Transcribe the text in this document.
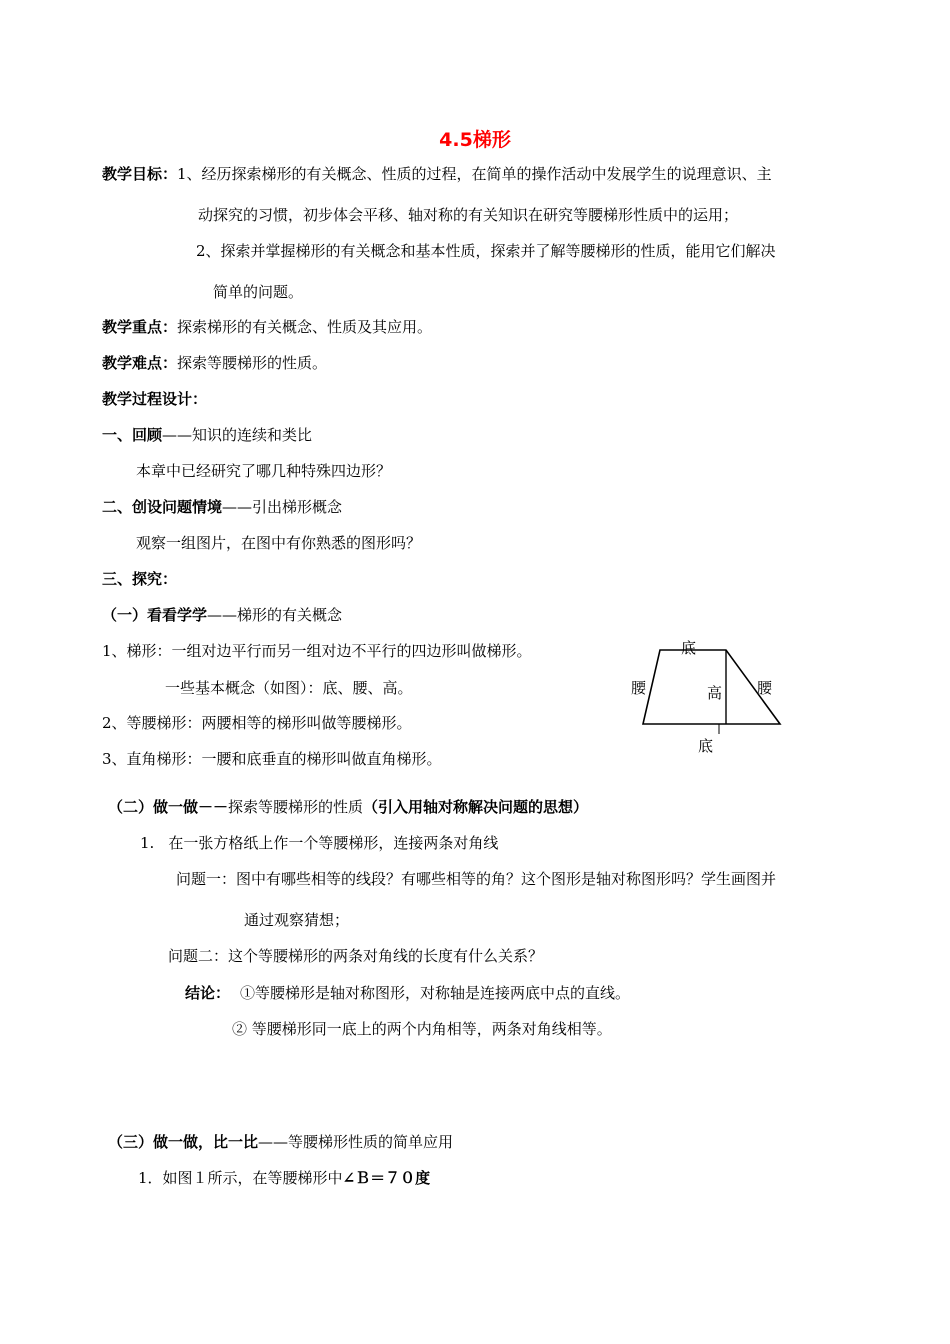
4.5梯形
教学目标：1、经历探索梯形的有关概念、性质的过程，在简单的操作活动中发展学生的说理意识、主
动探究的习惯，初步体会平移、轴对称的有关知识在研究等腰梯形性质中的运用；
2、探索并掌握梯形的有关概念和基本性质，探索并了解等腰梯形的性质，能用它们解决
简单的问题。
教学重点：探索梯形的有关概念、性质及其应用。
教学难点：探索等腰梯形的性质。
教学过程设计：
一、回顾——知识的连续和类比
本章中已经研究了哪几种特殊四边形？
二、创设问题情境——引出梯形概念
观察一组图片，在图中有你熟悉的图形吗？
三、探究：
（一）看看学学——梯形的有关概念
1、梯形：一组对边平行而另一组对边不平行的四边形叫做梯形。
一些基本概念（如图）：底、腰、高。
2、等腰梯形：两腰相等的梯形叫做等腰梯形。
3、直角梯形：一腰和底垂直的梯形叫做直角梯形。
底
腰	高 腰
底
（二）做一做－－探索等腰梯形的性质（引入用轴对称解决问题的思想）
1. 在一张方格纸上作一个等腰梯形，连接两条对角线
问题一：图中有哪些相等的线段？有哪些相等的角？这个图形是轴对称图形吗？学生画图并
通过观察猜想；
问题二：这个等腰梯形的两条对角线的长度有什么关系？
结论： ①等腰梯形是轴对称图形，对称轴是连接两底中点的直线。
② 等腰梯形同一底上的两个内角相等，两条对角线相等。
（三）做一做，比一比——等腰梯形性质的简单应用
1．如图１所示，在等腰梯形中∠Ｂ＝７０度
